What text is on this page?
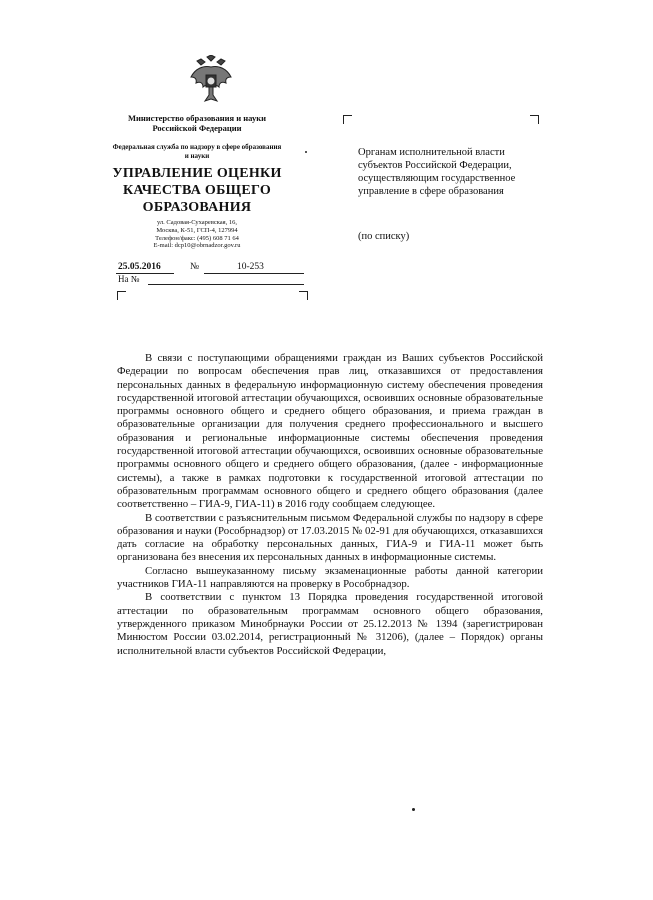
Министерство образования и науки Российской Федерации
Федеральная служба по надзору в сфере образования и науки
УПРАВЛЕНИЕ ОЦЕНКИ КАЧЕСТВА ОБЩЕГО ОБРАЗОВАНИЯ
ул. Садовая-Сухаревская, 16,
Москва, К-51, ГСП-4, 127994
Телефон/факс: (495) 608 71 64
E-mail: dcp10@obrnadzor.gov.ru
Органам исполнительной власти субъектов Российской Федерации, осуществляющим государственное управление в сфере образования
(по списку)
25.05.2016	№	10-253
На №

В связи с поступающими обращениями граждан из Ваших субъектов Российской Федерации по вопросам обеспечения прав лиц, отказавшихся от предоставления персональных данных в федеральную информационную систему обеспечения проведения государственной итоговой аттестации обучающихся, освоивших основные образовательные программы основного общего и среднего общего образования, и приема граждан в образовательные организации для получения среднего профессионального и высшего образования и региональные информационные системы обеспечения проведения государственной итоговой аттестации обучающихся, освоивших основные образовательные программы основного общего и среднего общего образования, (далее - информационные системы), а также в рамках подготовки к государственной итоговой аттестации по образовательным программам основного общего и среднего общего образования (далее соответственно – ГИА-9, ГИА-11) в 2016 году сообщаем следующее.

В соответствии с разъяснительным письмом Федеральной службы по надзору в сфере образования и науки (Рособрнадзор) от 17.03.2015 № 02-91 для обучающихся, отказавшихся дать согласие на обработку персональных данных, ГИА-9 и ГИА-11 может быть организована без внесения их персональных данных в информационные системы.

Согласно вышеуказанному письму экзаменационные работы данной категории участников ГИА-11 направляются на проверку в Рособрнадзор.

В соответствии с пунктом 13 Порядка проведения государственной итоговой аттестации по образовательным программам основного общего образования, утвержденного приказом Минобрнауки России от 25.12.2013 № 1394 (зарегистрирован Минюстом России 03.02.2014, регистрационный № 31206), (далее – Порядок) органы исполнительной власти субъектов Российской Федерации,
